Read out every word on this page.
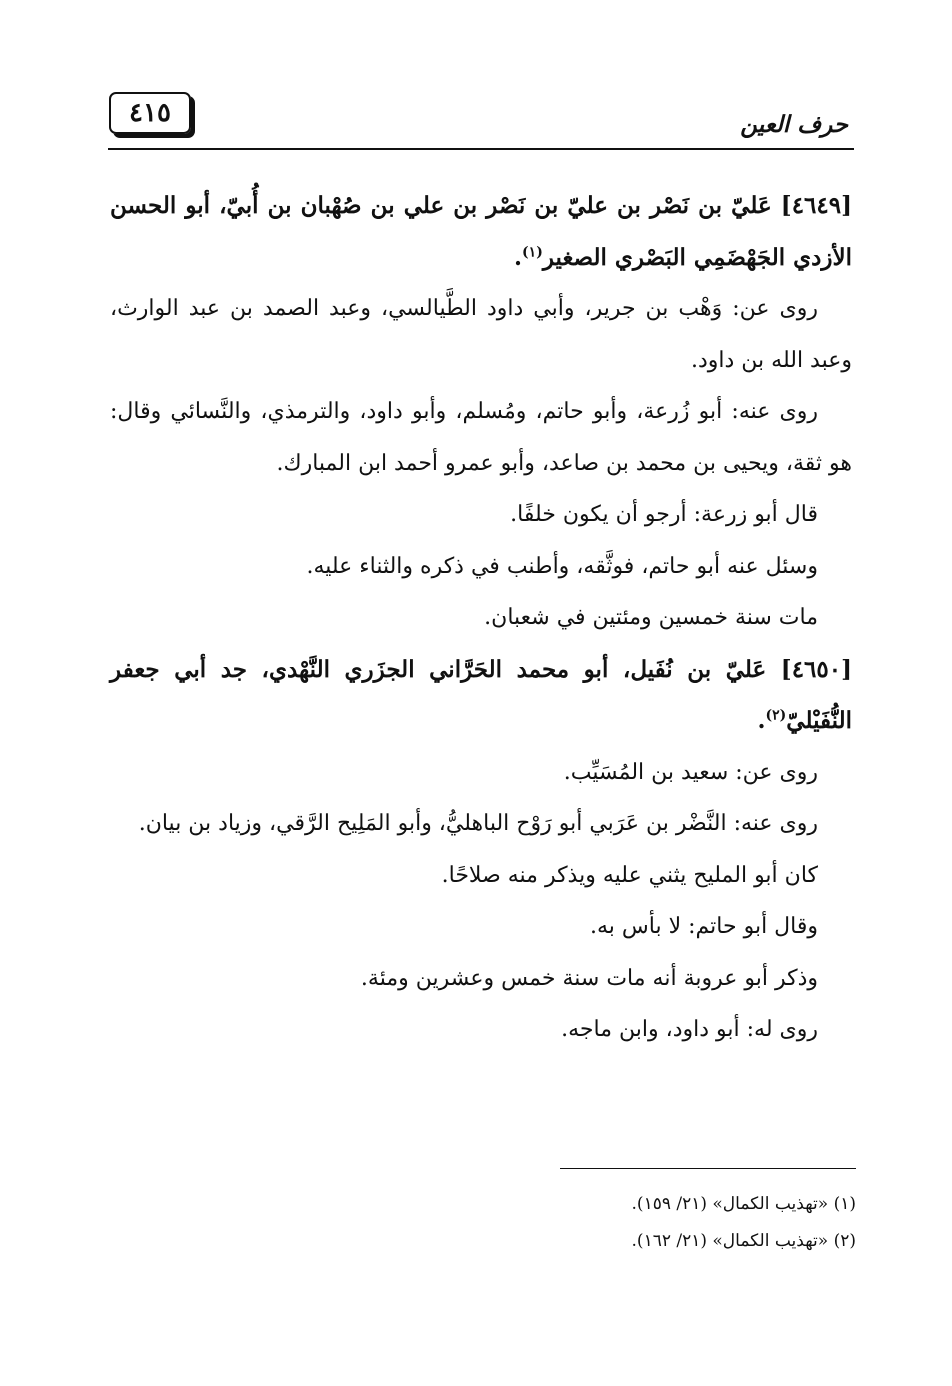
٤١٥	حرف العين

[٤٦٤٩] عَليّ بن نَصْر بن عليّ بن نَصْر بن علي بن صُهْبان بن أُبيّ، أبو الحسن الأزدي الجَهْضَمِي البَصْري الصغير$^{(١)}$.

روى عن: وَهْب بن جرير، وأبي داود الطَّيالسي، وعبد الصمد بن عبد الوارث، وعبد الله بن داود.

روى عنه: أبو زُرعة، وأبو حاتم، ومُسلم، وأبو داود، والترمذي، والنَّسائي وقال: هو ثقة، ويحيى بن محمد بن صاعد، وأبو عمرو أحمد ابن المبارك.

قال أبو زرعة: أرجو أن يكون خلفًا.

وسئل عنه أبو حاتم، فوثَّقه، وأطنب في ذكره والثناء عليه.

مات سنة خمسين ومئتين في شعبان.

[٤٦٥٠] عَليّ بن نُفَيل، أبو محمد الحَرَّاني الجزَري النَّهْدي، جد أبي جعفر النُّفَيْليّ$^{(٢)}$.

روى عن: سعيد بن المُسَيِّب.

روى عنه: النَّضْر بن عَرَبي أبو رَوْح الباهليُّ، وأبو المَلِيح الرَّقي، وزياد بن بيان.

كان أبو المليح يثني عليه ويذكر منه صلاحًا.

وقال أبو حاتم: لا بأس به.

وذكر أبو عروبة أنه مات سنة خمس وعشرين ومئة.

روى له: أبو داود، وابن ماجه.

(١) «تهذيب الكمال» (٢١/ ١٥٩).

(٢) «تهذيب الكمال» (٢١/ ١٦٢).
